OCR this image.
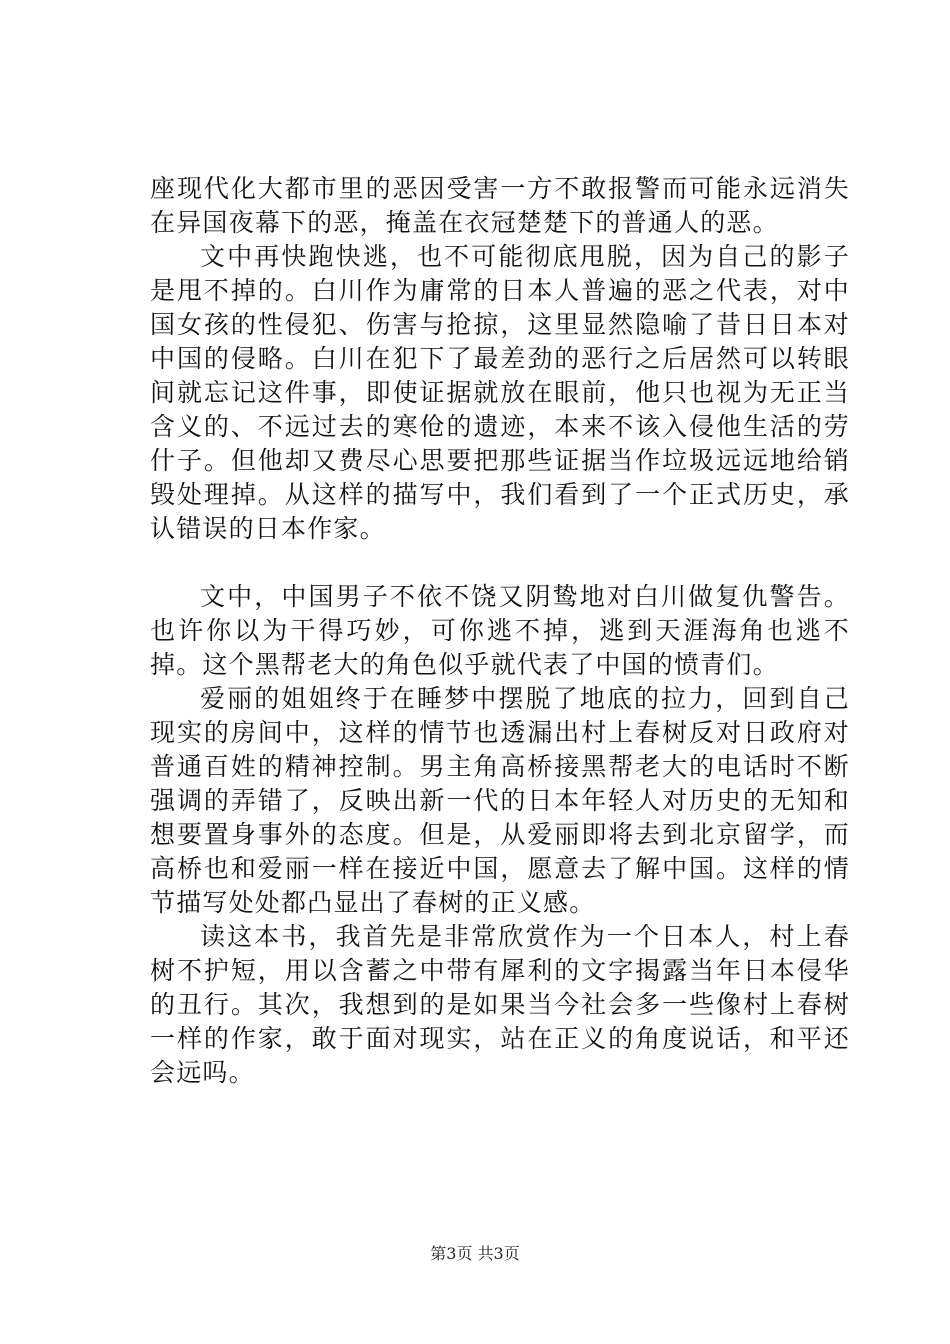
座现代化大都市里的恶因受害一方不敢报警而可能永远消失在异国夜幕下的恶，掩盖在衣冠楚楚下的普通人的恶。

文中再快跑快逃，也不可能彻底甩脱，因为自己的影子是甩不掉的。白川作为庸常的日本人普遍的恶之代表，对中国女孩的性侵犯、伤害与抢掠，这里显然隐喻了昔日日本对中国的侵略。白川在犯下了最差劲的恶行之后居然可以转眼间就忘记这件事，即使证据就放在眼前，他只也视为无正当含义的、不远过去的寒伧的遗迹，本来不该入侵他生活的劳什子。但他却又费尽心思要把那些证据当作垃圾远远地给销毁处理掉。从这样的描写中，我们看到了一个正式历史，承认错误的日本作家。

文中，中国男子不依不饶又阴鸷地对白川做复仇警告。也许你以为干得巧妙，可你逃不掉，逃到天涯海角也逃不掉。这个黑帮老大的角色似乎就代表了中国的愤青们。

爱丽的姐姐终于在睡梦中摆脱了地底的拉力，回到自己现实的房间中，这样的情节也透漏出村上春树反对日政府对普通百姓的精神控制。男主角高桥接黑帮老大的电话时不断强调的弄错了，反映出新一代的日本年轻人对历史的无知和想要置身事外的态度。但是，从爱丽即将去到北京留学，而高桥也和爱丽一样在接近中国，愿意去了解中国。这样的情节描写处处都凸显出了春树的正义感。

读这本书，我首先是非常欣赏作为一个日本人，村上春树不护短，用以含蓄之中带有犀利的文字揭露当年日本侵华的丑行。其次，我想到的是如果当今社会多一些像村上春树一样的作家，敢于面对现实，站在正义的角度说话，和平还会远吗。

第3页 共3页
